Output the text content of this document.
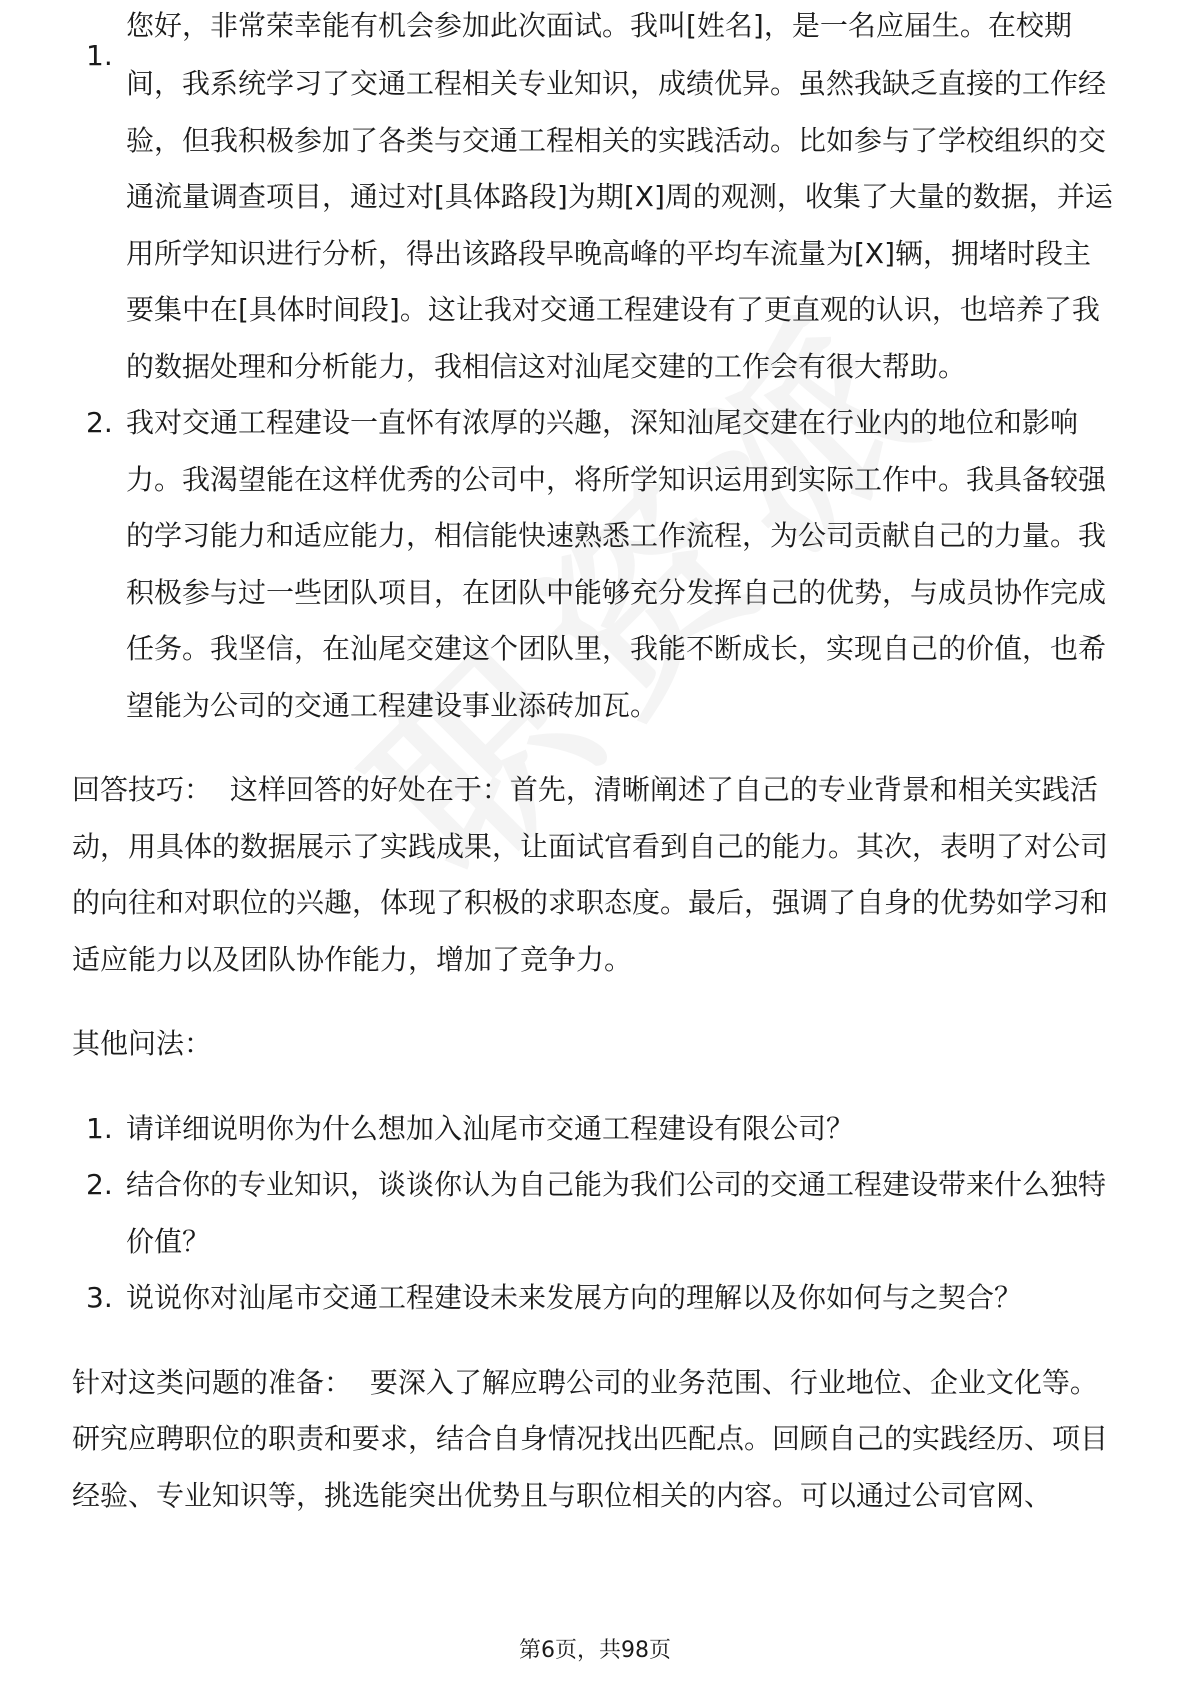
1.
您好，非常荣幸能有机会参加此次面试。我叫[姓名]，是一名应届生。在校期
间，我系统学习了交通工程相关专业知识，成绩优异。虽然我缺乏直接的工作经验，但我积极参加了各类与交通工程相关的实践活动。比如参与了学校组织的交通流量调查项目，通过对[具体路段]为期[X]周的观测，收集了大量的数据，并运用所学知识进行分析，得出该路段早晚高峰的平均车流量为[X]辆，拥堵时段主要集中在[具体时间段]。这让我对交通工程建设有了更直观的认识，也培养了我的数据处理和分析能力，我相信这对汕尾交建的工作会有很大帮助。
2. 我对交通工程建设一直怀有浓厚的兴趣，深知汕尾交建在行业内的地位和影响力。我渴望能在这样优秀的公司中，将所学知识运用到实际工作中。我具备较强的学习能力和适应能力，相信能快速熟悉工作流程，为公司贡献自己的力量。我积极参与过一些团队项目，在团队中能够充分发挥自己的优势，与成员协作完成任务。我坚信，在汕尾交建这个团队里，我能不断成长，实现自己的价值，也希望能为公司的交通工程建设事业添砖加瓦。

回答技巧： 这样回答的好处在于：首先，清晰阐述了自己的专业背景和相关实践活动，用具体的数据展示了实践成果，让面试官看到自己的能力。其次，表明了对公司的向往和对职位的兴趣，体现了积极的求职态度。最后，强调了自身的优势如学习和适应能力以及团队协作能力，增加了竞争力。

其他问法：

1. 请详细说明你为什么想加入汕尾市交通工程建设有限公司？
2. 结合你的专业知识，谈谈你认为自己能为我们公司的交通工程建设带来什么独特价值？
3. 说说你对汕尾市交通工程建设未来发展方向的理解以及你如何与之契合？

针对这类问题的准备： 要深入了解应聘公司的业务范围、行业地位、企业文化等。研究应聘职位的职责和要求，结合自身情况找出匹配点。回顾自己的实践经历、项目经验、专业知识等，挑选能突出优势且与职位相关的内容。可以通过公司官网、

第6页，共98页
